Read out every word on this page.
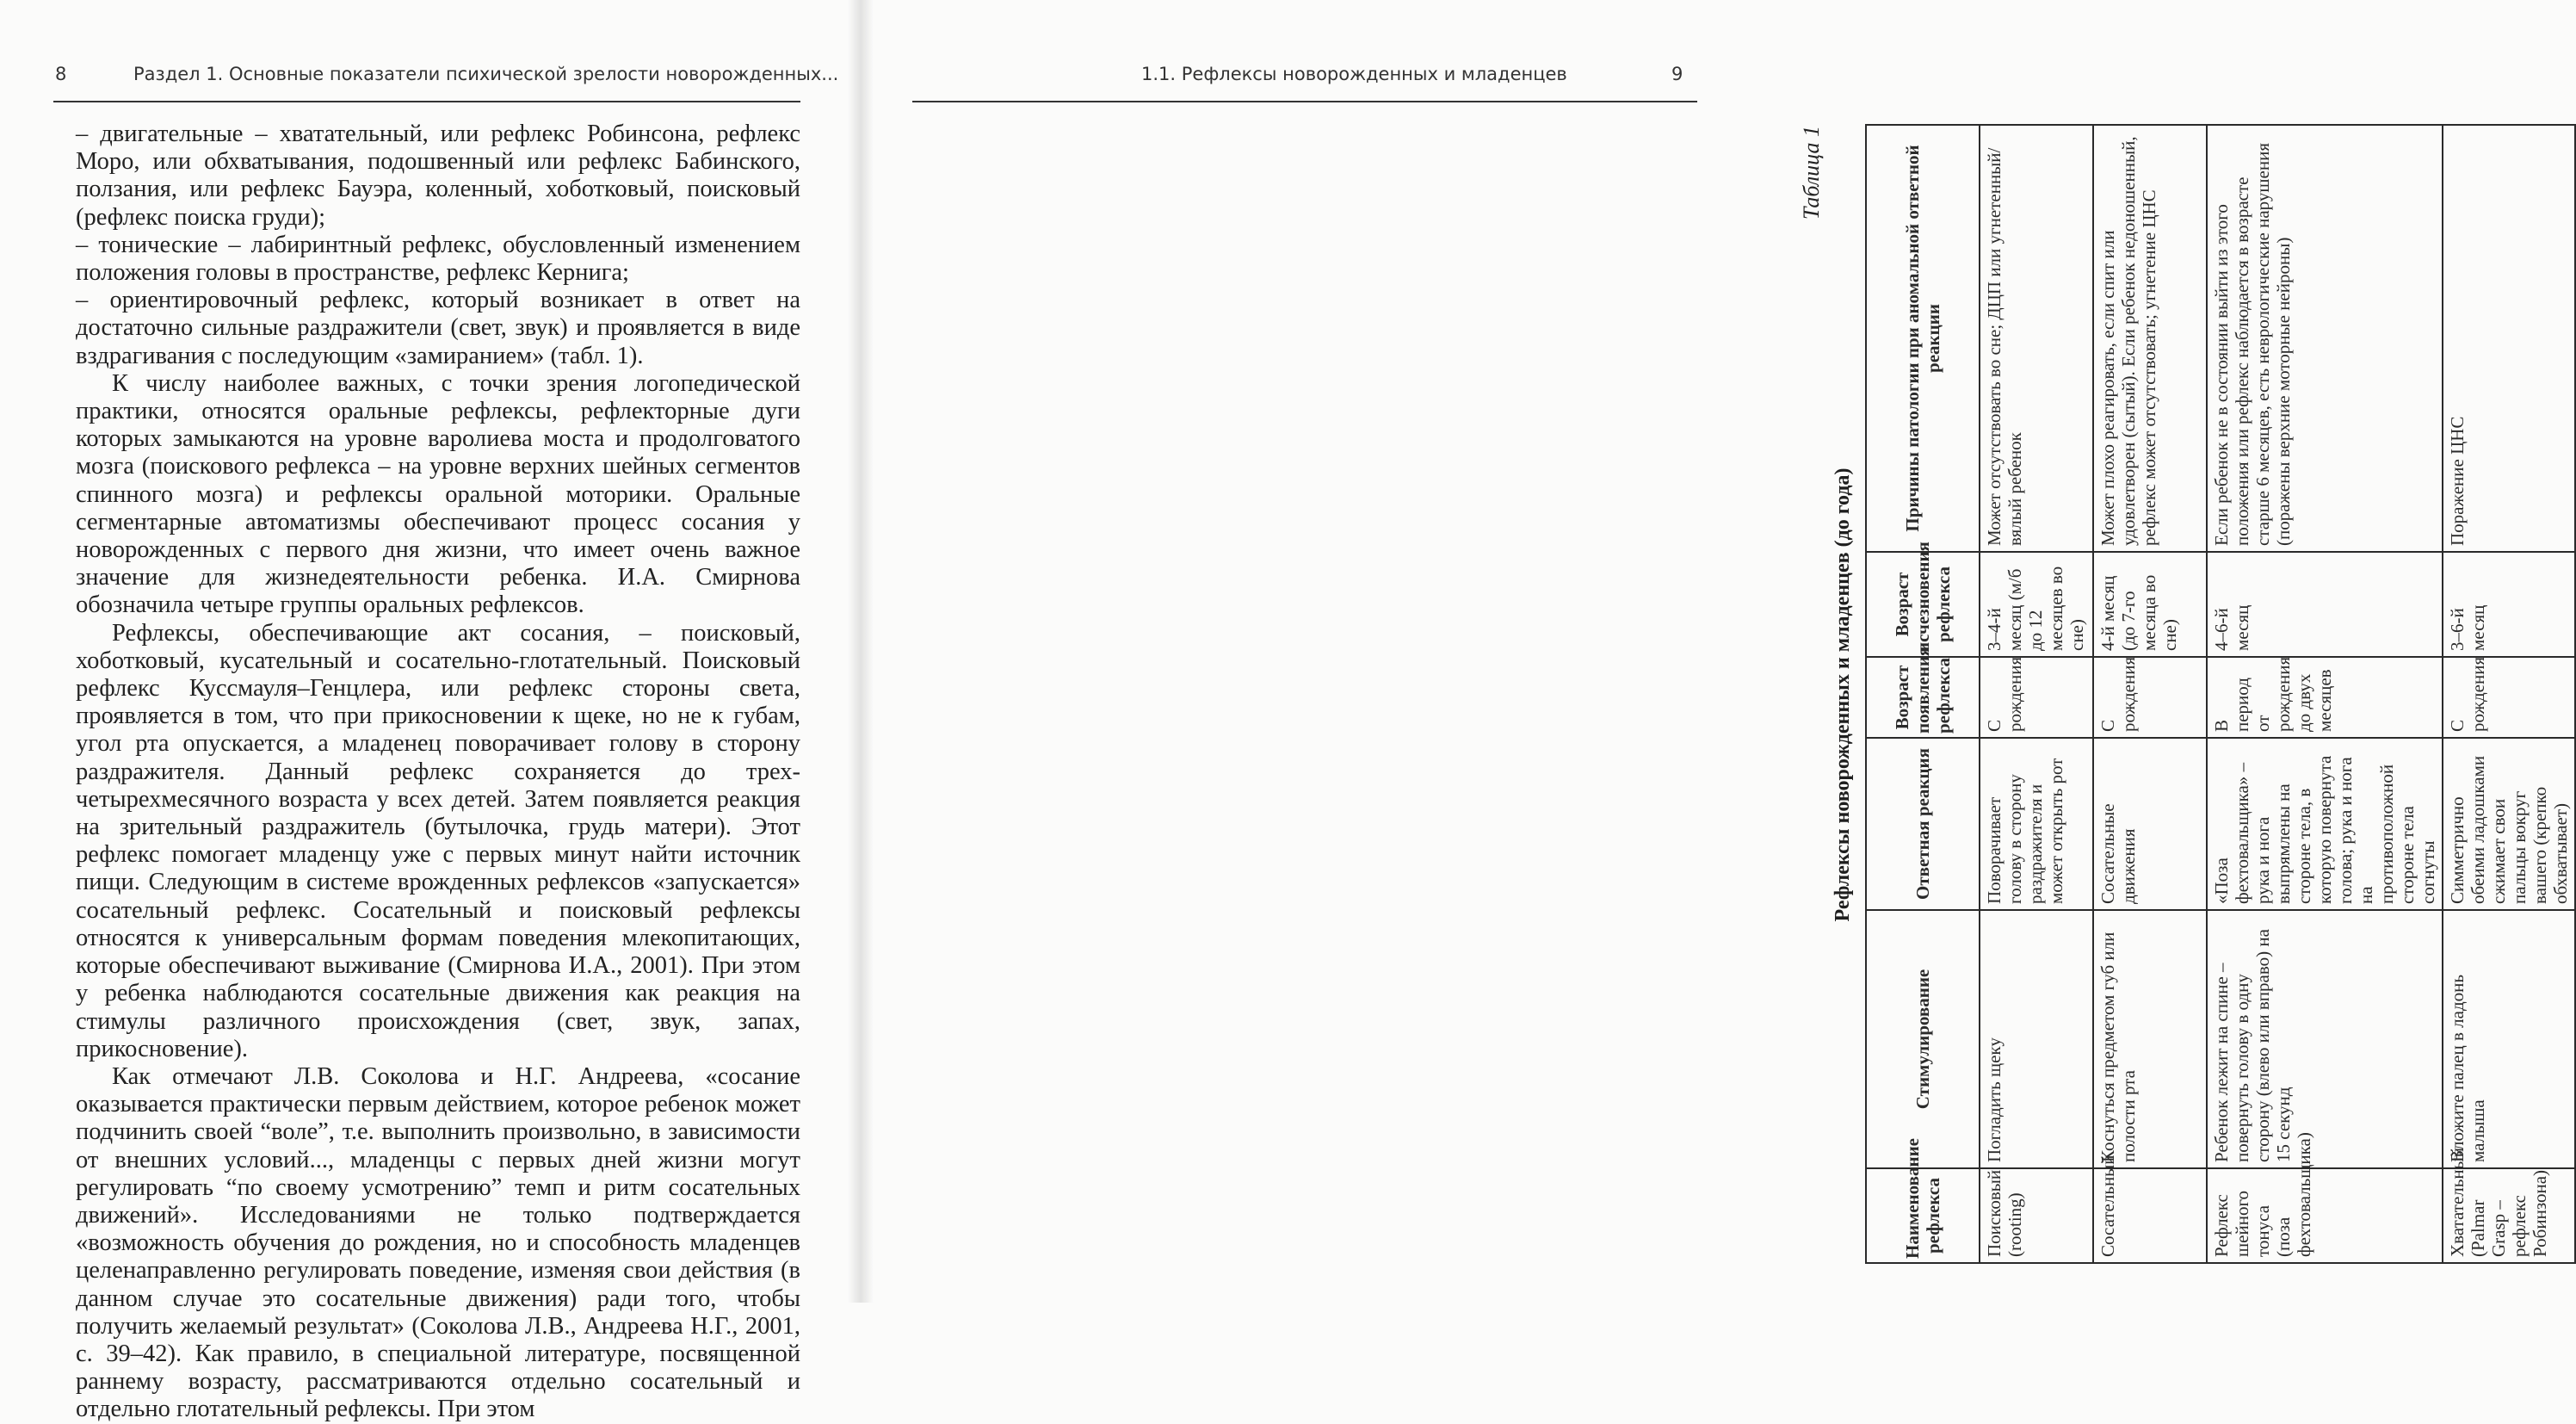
8	Раздел 1. Основные показатели психической зрелости новорожденных...

– двигательные – хватательный, или рефлекс Робинсона, рефлекс Моро, или обхватывания, подошвенный или рефлекс Бабинского, ползания, или рефлекс Бауэра, коленный, хоботковый, поисковый (рефлекс поиска груди);

– тонические – лабиринтный рефлекс, обусловленный изменением положения головы в пространстве, рефлекс Кернига;

– ориентировочный рефлекс, который возникает в ответ на достаточно сильные раздражители (свет, звук) и проявляется в виде вздрагивания с последующим «замиранием» (табл. 1).

К числу наиболее важных, с точки зрения логопедической практики, относятся оральные рефлексы, рефлекторные дуги которых замыкаются на уровне варолиева моста и продолговатого мозга (поискового рефлекса – на уровне верхних шейных сегментов спинного мозга) и рефлексы оральной моторики. Оральные сегментарные автоматизмы обеспечивают процесс сосания у новорожденных с первого дня жизни, что имеет очень важное значение для жизнедеятельности ребенка. И.А. Смирнова обозначила четыре группы оральных рефлексов.

Рефлексы, обеспечивающие акт сосания, – поисковый, хоботковый, кусательный и сосательно-глотательный. Поисковый рефлекс Куссмауля–Генцлера, или рефлекс стороны света, проявляется в том, что при прикосновении к щеке, но не к губам, угол рта опускается, а младенец поворачивает голову в сторону раздражителя. Данный рефлекс сохраняется до трех-четырехмесячного возраста у всех детей. Затем появляется реакция на зрительный раздражитель (бутылочка, грудь матери). Этот рефлекс помогает младенцу уже с первых минут найти источник пищи. Следующим в системе врожденных рефлексов «запускается» сосательный рефлекс. Сосательный и поисковый рефлексы относятся к универсальным формам поведения млекопитающих, которые обеспечивают выживание (Смирнова И.А., 2001). При этом у ребенка наблюдаются сосательные движения как реакция на стимулы различного происхождения (свет, звук, запах, прикосновение).

Как отмечают Л.В. Соколова и Н.Г. Андреева, «сосание оказывается практически первым действием, которое ребенок может подчинить своей “воле”, т.е. выполнить произвольно, в зависимости от внешних условий..., младенцы с первых дней жизни могут регулировать “по своему усмотрению” темп и ритм сосательных движений». Исследованиями не только подтверждается «возможность обучения до рождения, но и способность младенцев целенаправленно регулировать поведение, изменяя свои действия (в данном случае это сосательные движения) ради того, чтобы получить желаемый результат» (Соколова Л.В., Андреева Н.Г., 2001, с. 39–42). Как правило, в специальной литературе, посвященной раннему возрасту, рассматриваются отдельно сосательный и отдельно глотательный рефлексы. При этом

1.1. Рефлексы новорожденных и младенцев	9
Таблица 1
Рефлексы новорожденных и младенцев (до года)
Наименование рефлекса	Стимулирование	Ответная реакция	Возраст появления рефлекса	Возраст исчезновения рефлекса	Причины патологии при аномальной ответной реакции
Поисковый (rooting)	Погладить щеку	Поворачивает голову в сторону раздражителя и может открыть рот	С рождения	3–4-й месяц (м/б до 12 месяцев во сне)	Может отсутствовать во сне; ДЦП или угнетенный/вялый ребенок
Сосательный	Коснуться предметом губ или полости рта	Сосательные движения	С рождения	4-й месяц (до 7-го месяца во сне)	Может плохо реагировать, если спит или удовлетворен (сытый). Если ребенок недоношенный, рефлекс может отсутствовать; угнетение ЦНС
Рефлекс шейного тонуса (поза фехтовальщика)	Ребенок лежит на спине – повернуть голову в одну сторону (влево или вправо) на 15 секунд	«Поза фехтовальщика» – рука и нога выпрямлены на стороне тела, в которую повернута голова; рука и нога на противоположной стороне тела согнуты	В период от рождения до двух месяцев	4–6-й месяц	Если ребенок не в состоянии выйти из этого положения или рефлекс наблюдается в возрасте старше 6 месяцев, есть неврологические нарушения (поражены верхние моторные нейроны)
Хватательный (Palmar Grasp – рефлекс Робинзона)	Вложите палец в ладонь малыша	Симметрично обеими ладошками сжимает свои пальцы вокруг вашего (крепко обхватывает)	С рождения	3–6-й месяц	Поражение ЦНС
